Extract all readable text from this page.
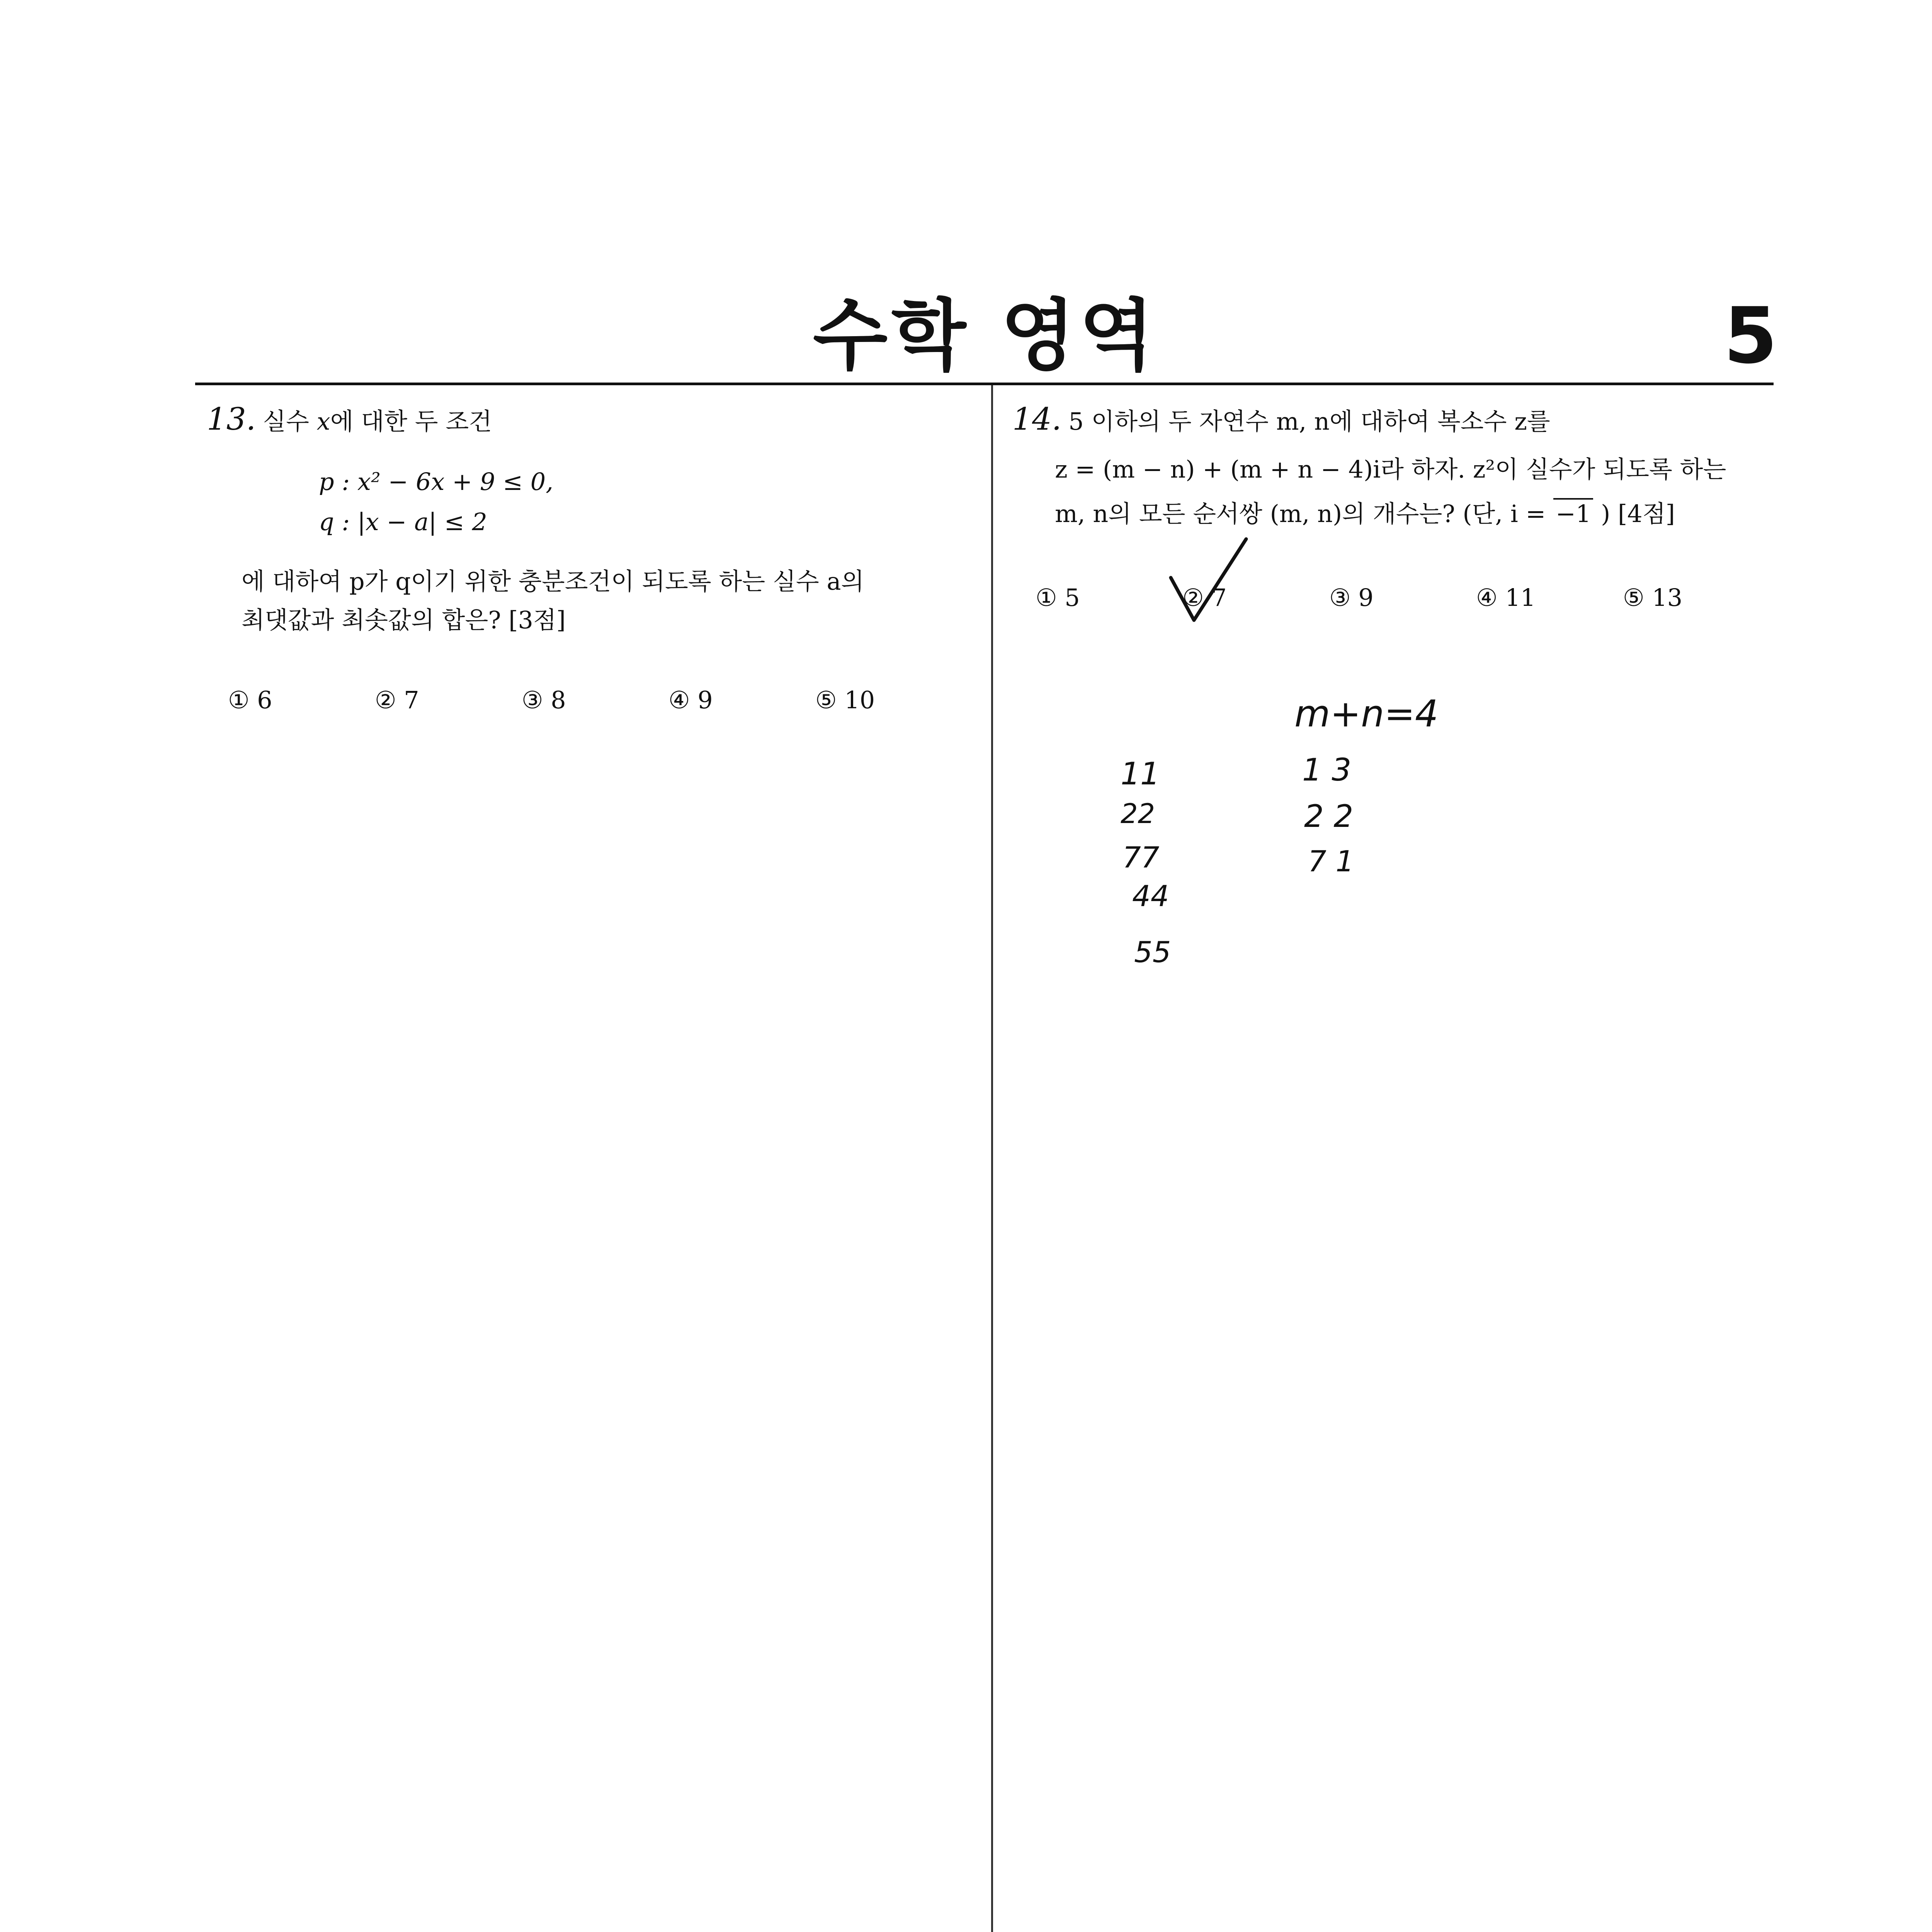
수학 영역	5
13. 실수 x에 대한 두 조건
p : x² − 6x + 9 ≤ 0,
q : |x − a| ≤ 2
에 대하여 p가 q이기 위한 충분조건이 되도록 하는 실수 a의
최댓값과 최솟값의 합은? [3점]
① 6	② 7	③ 8	④ 9	⑤ 10
14. 5 이하의 두 자연수 m, n에 대하여 복소수 z를
z = (m − n) + (m + n − 4)i라 하자. z²이 실수가 되도록 하는
m, n의 모든 순서쌍 (m, n)의 개수는? (단, i = −1 ) [4점]
① 5	② 7	③ 9	④ 11	⑤ 13
m+n=4
11
22
77
44
55
1 3
2 2
7 1
